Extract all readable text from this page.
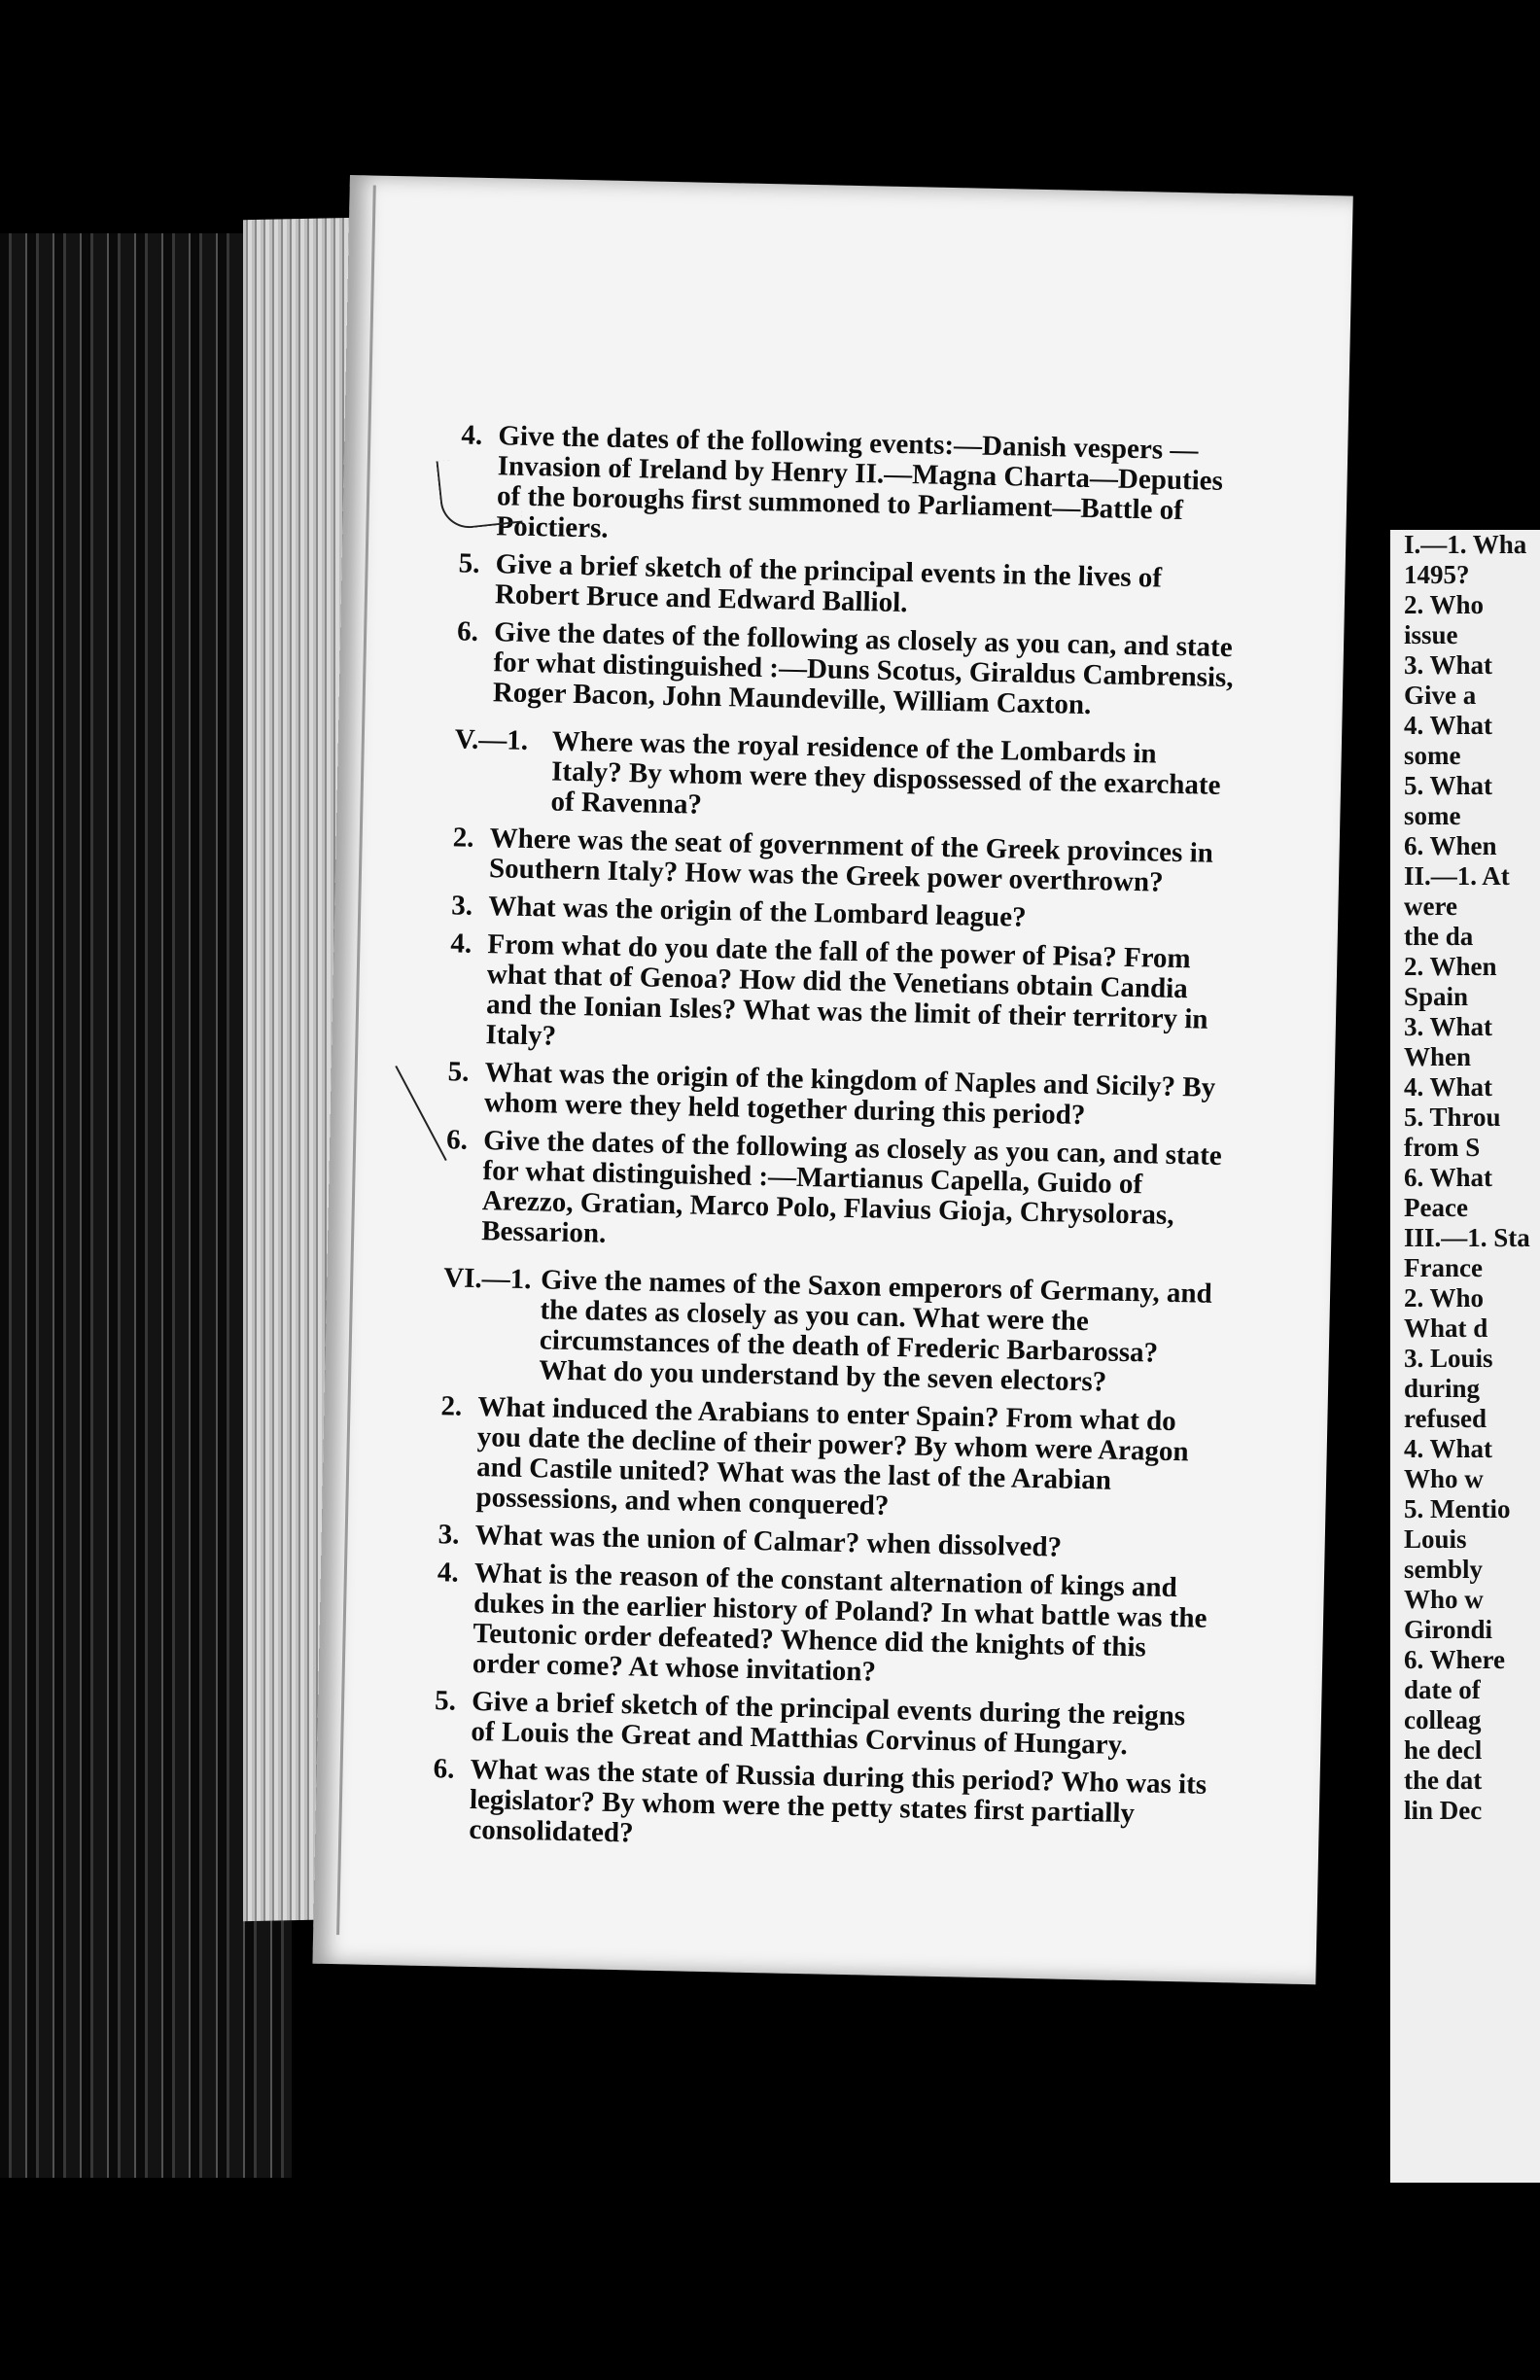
4. Give the dates of the following events:—Danish vespers —Invasion of Ireland by Henry II.—Magna Charta—Deputies of the boroughs first summoned to Parliament—Battle of Poictiers.
5. Give a brief sketch of the principal events in the lives of Robert Bruce and Edward Balliol.
6. Give the dates of the following as closely as you can, and state for what distinguished :—Duns Scotus, Giraldus Cambrensis, Roger Bacon, John Maundeville, William Caxton.
V.—1. Where was the royal residence of the Lombards in Italy? By whom were they dispossessed of the exarchate of Ravenna?
2. Where was the seat of government of the Greek provinces in Southern Italy? How was the Greek power overthrown?
3. What was the origin of the Lombard league?
4. From what do you date the fall of the power of Pisa? From what that of Genoa? How did the Venetians obtain Candia and the Ionian Isles? What was the limit of their territory in Italy?
5. What was the origin of the kingdom of Naples and Sicily? By whom were they held together during this period?
6. Give the dates of the following as closely as you can, and state for what distinguished :—Martianus Capella, Guido of Arezzo, Gratian, Marco Polo, Flavius Gioja, Chrysoloras, Bessarion.
VI.—1. Give the names of the Saxon emperors of Germany, and the dates as closely as you can. What were the circumstances of the death of Frederic Barbarossa? What do you understand by the seven electors?
2. What induced the Arabians to enter Spain? From what do you date the decline of their power? By whom were Aragon and Castile united? What was the last of the Arabian possessions, and when conquered?
3. What was the union of Calmar? when dissolved?
4. What is the reason of the constant alternation of kings and dukes in the earlier history of Poland? In what battle was the Teutonic order defeated? Whence did the knights of this order come? At whose invitation?
5. Give a brief sketch of the principal events during the reigns of Louis the Great and Matthias Corvinus of Hungary.
6. What was the state of Russia during this period? Who was its legislator? By whom were the petty states first partially consolidated?
I.—1. Wha
1495?
2. Who
issue
3. What
Give a
4. What
some
5. What
some
6. When
II.—1. At
were
the da
2. When
Spain
3. What
When
4. What
5. Throu
from S
6. What
Peace
III.—1. Sta
France
2. Who
What d
3. Louis
during
refused
4. What
Who w
5. Mentio
Louis
sembly
Who w
Girondi
6. Where
date of
colleag
he decl
the dat
lin Dec
